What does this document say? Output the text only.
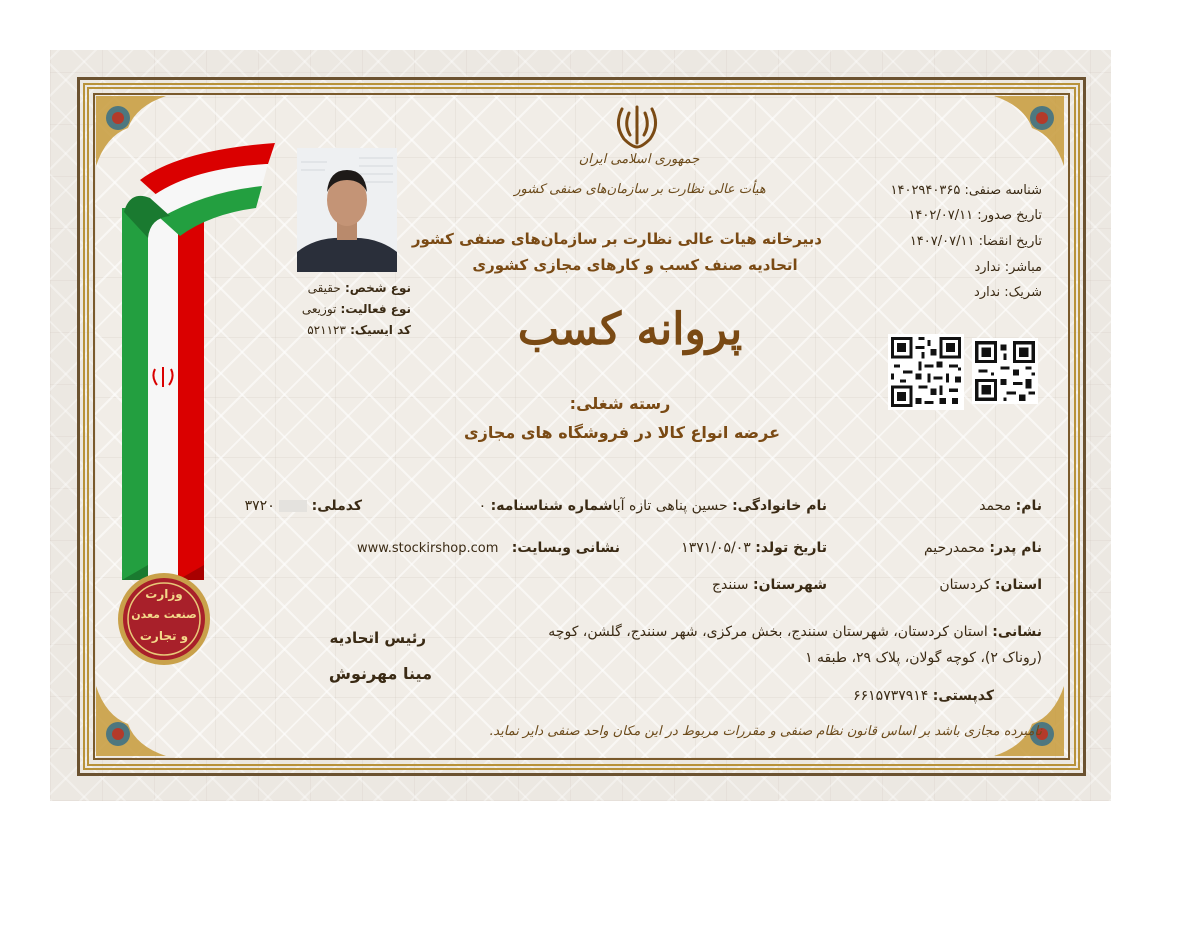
جمهوری اسلامی ایران
هیأت عالی نظارت بر سازمان‌های صنفی کشور
دبیرخانه هیات عالی نظارت بر سازمان‌های صنفی کشور
اتحادیه صنف کسب و کارهای مجازی کشوری
پروانه کسب
رسته شغلی:
عرضه انواع کالا در فروشگاه های مجازی
شناسه صنفی: ۱۴۰۲۹۴۰۳۶۵
تاریخ صدور: ۱۴۰۲/۰۷/۱۱
تاریخ انقضا: ۱۴۰۷/۰۷/۱۱
مباشر: ندارد
شریک: ندارد
وزارت
صنعت معدن
و تجارت
نوع شخص: حقیقی
نوع فعالیت: توزیعی
کد ایسیک: ۵۲۱۱۲۳
نام: محمد
نام خانوادگی: حسین پناهی تازه آباشماره شناسنامه: ۰
کدملی:  ۳۷۲۰
نام پدر: محمدرحیم
تاریخ تولد: ۱۳۷۱/۰۵/۰۳
نشانی وبسایت:
www.stockirshop.com
استان: کردستان
شهرستان: سنندج
نشانی: استان کردستان، شهرستان سنندج، بخش مرکزی، شهر سنندج، گلشن، کوچه
(روناک ۲)، کوچه گولان، پلاک ۲۹، طبقه ۱
کدپستی: ۶۶۱۵۷۳۷۹۱۴
رئیس اتحادیه
مینا مهرنوش
نامبرده مجازی باشد بر اساس قانون نظام صنفی و مقررات مربوط در این مکان واحد صنفی دایر نماید.
